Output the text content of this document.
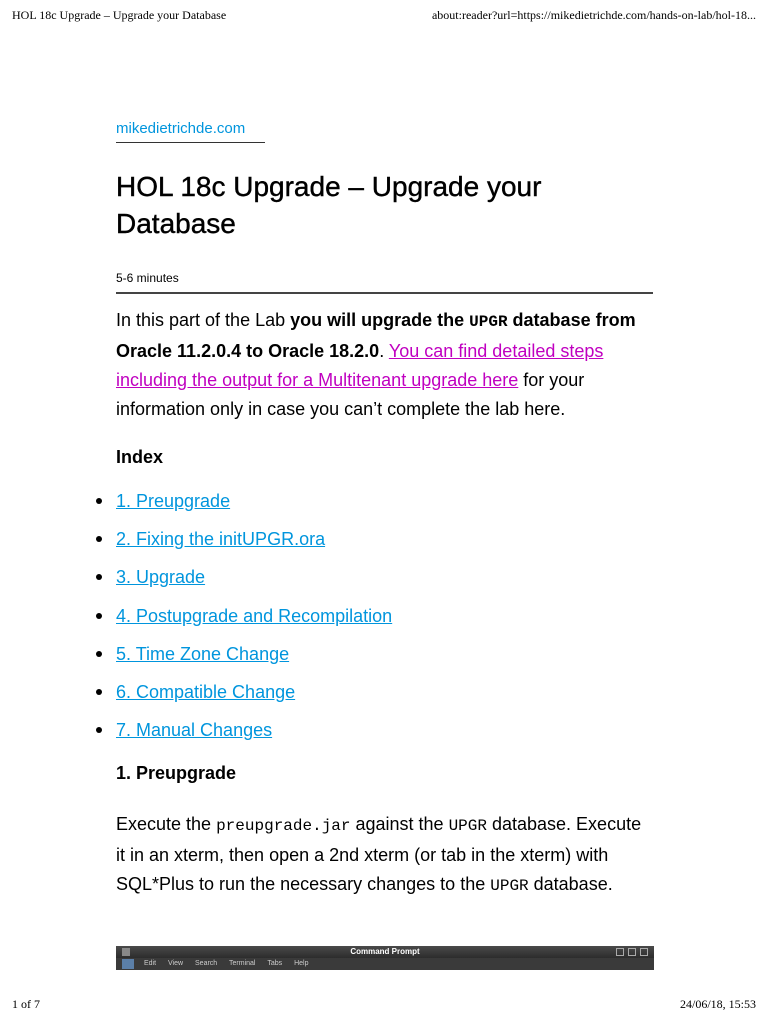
HOL 18c Upgrade – Upgrade your Database	about:reader?url=https://mikedietrichde.com/hands-on-lab/hol-18...
mikedietrichde.com
HOL 18c Upgrade – Upgrade your Database
5-6 minutes

In this part of the Lab you will upgrade the UPGR database from Oracle 11.2.0.4 to Oracle 18.2.0. You can find detailed steps including the output for a Multitenant upgrade here for your information only in case you can’t complete the lab here.

Index
1. Preupgrade
2. Fixing the initUPGR.ora
3. Upgrade
4. Postupgrade and Recompilation
5. Time Zone Change
6. Compatible Change
7. Manual Changes
1. Preupgrade

Execute the preupgrade.jar against the UPGR database. Execute it in an xterm, then open a 2nd xterm (or tab in the xterm) with SQL*Plus to run the necessary changes to the UPGR database.

Command Prompt
Edit View Search Terminal Tabs Help
1 of 7	24/06/18, 15:53
